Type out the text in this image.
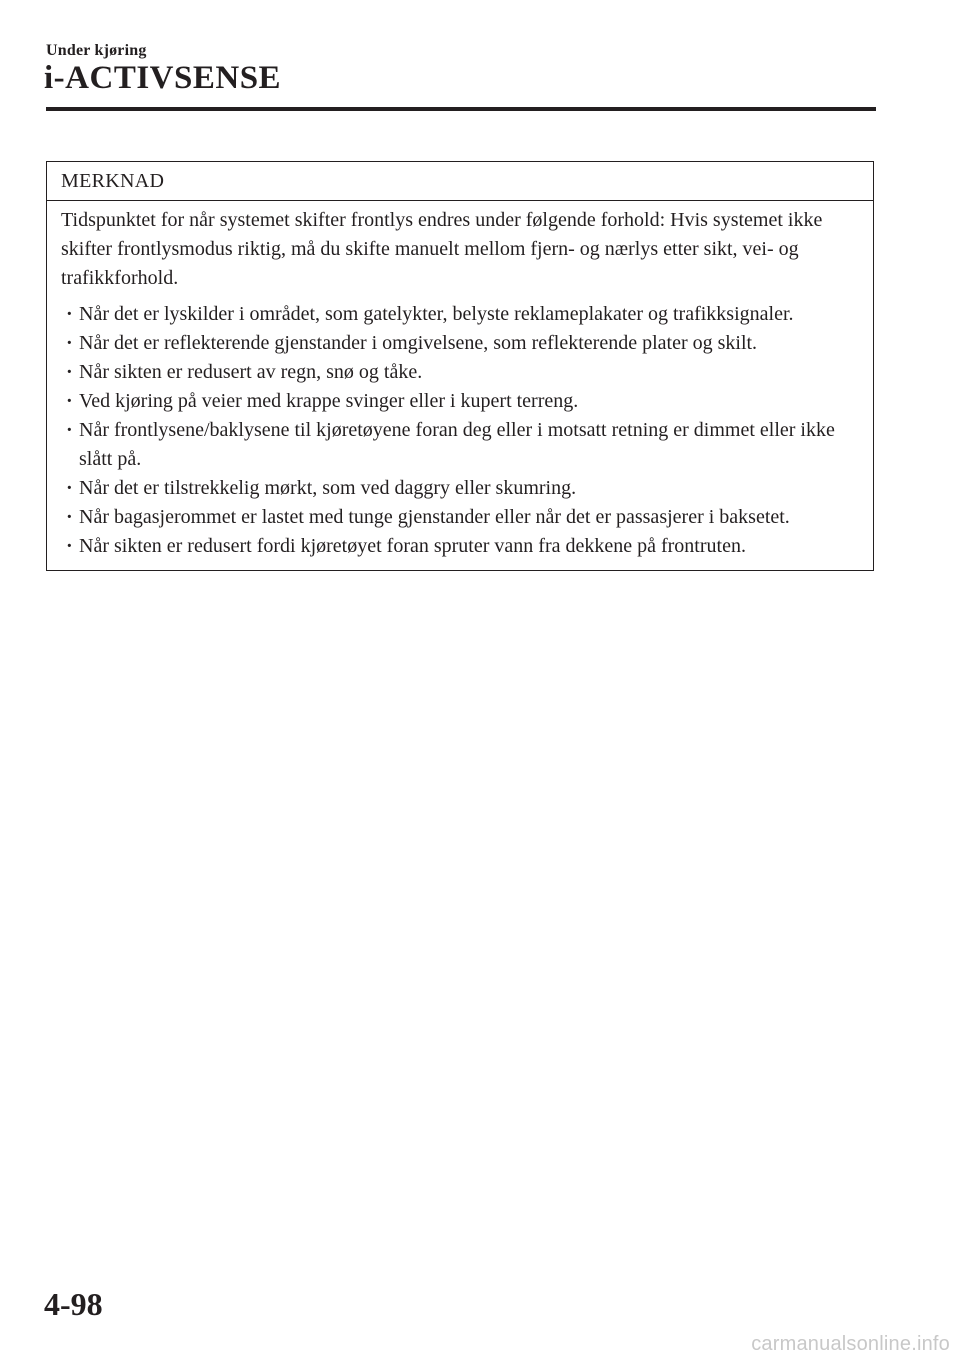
Under kjøring
i-ACTIVSENSE
MERKNAD

Tidspunktet for når systemet skifter frontlys endres under følgende forhold: Hvis systemet ikke skifter frontlysmodus riktig, må du skifte manuelt mellom fjern- og nærlys etter sikt, vei- og trafikkforhold.

· Når det er lyskilder i området, som gatelykter, belyste reklameplakater og trafikksignaler.
· Når det er reflekterende gjenstander i omgivelsene, som reflekterende plater og skilt.
· Når sikten er redusert av regn, snø og tåke.
· Ved kjøring på veier med krappe svinger eller i kupert terreng.
· Når frontlysene/baklysene til kjøretøyene foran deg eller i motsatt retning er dimmet eller ikke slått på.
· Når det er tilstrekkelig mørkt, som ved daggry eller skumring.
· Når bagasjerommet er lastet med tunge gjenstander eller når det er passasjerer i baksetet.
· Når sikten er redusert fordi kjøretøyet foran spruter vann fra dekkene på frontruten.
4-98
carmanualsonline.info
